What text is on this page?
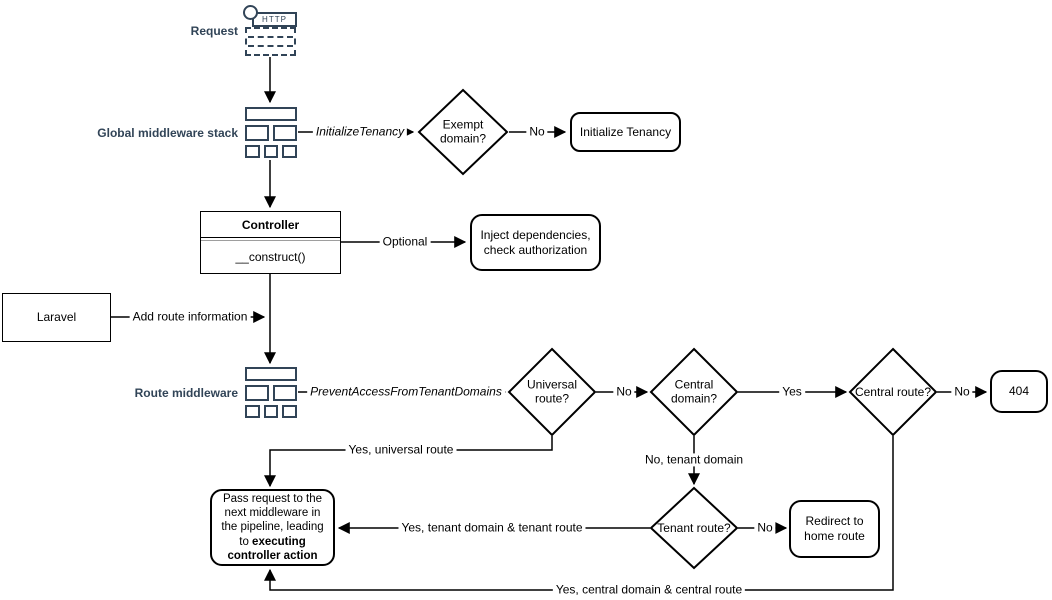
HTTP
Request
Global middleware stack
Exempt domain?
Initialize Tenancy
Controller
__construct()
Inject dependencies, check authorization
Laravel
Route middleware
Universal route?
Central domain?
Central route?
Tenant route?
404
Pass request to the next middleware in the pipeline, leading to executing controller action
Redirect to home route
InitializeTenancy	No
Optional
Add route information
PreventAccessFromTenantDomains	No	Yes	No
Yes, universal route
No, tenant domain
Yes, tenant domain & tenant route	No
Yes, central domain & central route
